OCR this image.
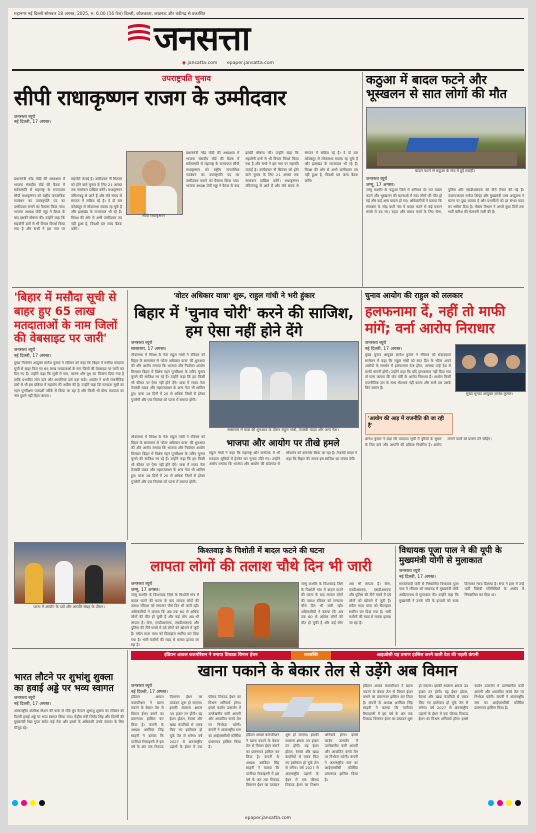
महानगर नई दिल्ली सोमवार 18 अगस्त, 2025, रु. 6.00 (16 पेज) दिल्ली, कोलकाता, लखनऊ और चंडीगढ़ से प्रकाशित
जनसत्ता
◉ jansatta.com epaper.jansatta.com
उपराष्ट्रपति चुनाव
सीपी राधाकृष्णन राजग के उम्मीदवार
जनसत्ता ब्यूरो
नई दिल्ली, 17 अगस्त।
सीपी राधाकृष्णन
प्रधानमंत्री नरेंद्र मोदी की अध्यक्षता में भाजपा संसदीय बोर्ड की बैठक में सर्वसम्मति से महाराष्ट्र के राज्यपाल सीपी राधाकृष्णन को राष्ट्रीय जनतांत्रिक गठबंधन का उपराष्ट्रपति पद का उम्मीदवार बनाने का फैसला किया गया। भाजपा अध्यक्ष जेपी नड्डा ने बैठक के बाद इसकी घोषणा की। उन्होंने कहा कि सहयोगी दलों से भी विचार विमर्श किया गया है और सभी ने इस नाम पर सहमति जताई है। उम्मीदवार नौ सितंबर को होने वाले चुनाव के लिए 21 अगस्त तक नामांकन दाखिल करेंगे। राधाकृष्णन तमिलनाडु से आते हैं और लंबे समय से संगठन में सक्रिय रहे हैं। वे दो बार कोयंबटूर से लोकसभा सदस्य रह चुके हैं और झारखंड के राज्यपाल भी रहे हैं। विपक्ष की ओर से अभी उम्मीदवार तय नहीं हुआ है, विपक्षी दल जल्द बैठक करेंगे।
प्रधानमंत्री नरेंद्र मोदी की अध्यक्षता में भाजपा संसदीय बोर्ड की बैठक में सर्वसम्मति से महाराष्ट्र के राज्यपाल सीपी राधाकृष्णन को राष्ट्रीय जनतांत्रिक गठबंधन का उपराष्ट्रपति पद का उम्मीदवार बनाने का फैसला किया गया। भाजपा अध्यक्ष जेपी नड्डा ने बैठक के बाद इसकी घोषणा की। उन्होंने कहा कि सहयोगी दलों से भी विचार विमर्श किया गया है और सभी ने इस नाम पर सहमति जताई है। उम्मीदवार नौ सितंबर को होने वाले चुनाव के लिए 21 अगस्त तक नामांकन दाखिल करेंगे। राधाकृष्णन तमिलनाडु से आते हैं और लंबे समय से संगठन में सक्रिय रहे हैं। वे दो बार कोयंबटूर से लोकसभा सदस्य रह चुके हैं और झारखंड के राज्यपाल भी रहे हैं। विपक्ष की ओर से अभी उम्मीदवार तय नहीं हुआ है, विपक्षी दल जल्द बैठक करेंगे।
कठुआ में बादल फटने और भूस्खलन से सात लोगों की मौत
बादल फटने से कठुआ के गांव में हुई तबाही।
जनसत्ता ब्यूरो
जम्मू, 17 अगस्त।
जम्मू कश्मीर के कठुआ जिले में शनिवार देर रात बादल फटने और भूस्खलन की घटनाओं में सात लोगों की मौत हो गई और कई अन्य घायल हो गए। अधिकारियों ने बताया कि राजबाग के जोड़ घाटी गांव में बादल फटने से कई मकान मलबे में दब गए। राहत और बचाव कार्य के लिए सेना, पुलिस और एसडीआरएफ की टीमें तैनात की गई हैं। उपराज्यपाल मनोज सिन्हा और मुख्यमंत्री उमर अब्दुल्ला ने घटना पर दुख जताया है और प्रभावितों को हर संभव मदद का भरोसा दिया है। मौसम विभाग ने अगले कुछ दिनों तक भारी बारिश की चेतावनी जारी की है।
'बिहार में मसौदा सूची से बाहर हुए 65 लाख मतदाताओं के नाम जिलों की वेबसाइट पर जारी'
जनसत्ता ब्यूरो
नई दिल्ली, 17 अगस्त।
मुख्य निर्वाचन आयुक्त ज्ञानेश कुमार ने रविवार को कहा कि बिहार में मसौदा मतदाता सूची से बाहर किए गए 65 लाख मतदाताओं के नाम जिलों की वेबसाइट पर जारी कर दिए गए हैं। उन्होंने कहा कि सूची में नाम, कारण और बूथ का विवरण दिया गया है ताकि प्रभावित लोग दावे और आपत्तियां दर्ज करा सकें। आयोग ने सभी राजनीतिक दलों से भी इस प्रक्रिया में सहयोग की अपील की है। उन्होंने कहा कि मतदाता सूची का गहन पुनरीक्षण पारदर्शी तरीके से किया जा रहा है और किसी भी योग्य मतदाता का नाम छूटने नहीं दिया जाएगा।
'वोटर अधिकार यात्रा' शुरू, राहुल गांधी ने भरी हुंकार
बिहार में 'चुनाव चोरी' करने की साजिश, हम ऐसा नहीं होने देंगे
जनसत्ता ब्यूरो
सासाराम, 17 अगस्त।
लोकसभा में विपक्ष के नेता राहुल गांधी ने रविवार को बिहार के सासाराम से 'वोटर अधिकार यात्रा' की शुरुआत की और आरोप लगाया कि भाजपा और निर्वाचन आयोग मिलकर बिहार में विशेष गहन पुनरीक्षण के जरिए चुनाव चुराने की साजिश रच रहे हैं। उन्होंने कहा कि हम किसी भी कीमत पर ऐसा नहीं होने देंगे। यात्रा में राजद नेता तेजस्वी यादव और महागठबंधन के अन्य नेता भी शामिल हुए। यात्रा 16 दिनों में 20 से अधिक जिलों से होकर गुजरेगी और एक सितंबर को पटना में समाप्त होगी।
सासाराम में यात्रा की शुरुआत के दौरान राहुल गांधी, तेजस्वी यादव और अन्य नेता।
लोकसभा में विपक्ष के नेता राहुल गांधी ने रविवार को बिहार के सासाराम से 'वोटर अधिकार यात्रा' की शुरुआत की और आरोप लगाया कि भाजपा और निर्वाचन आयोग मिलकर बिहार में विशेष गहन पुनरीक्षण के जरिए चुनाव चुराने की साजिश रच रहे हैं। उन्होंने कहा कि हम किसी भी कीमत पर ऐसा नहीं होने देंगे। यात्रा में राजद नेता तेजस्वी यादव और महागठबंधन के अन्य नेता भी शामिल हुए। यात्रा 16 दिनों में 20 से अधिक जिलों से होकर गुजरेगी और एक सितंबर को पटना में समाप्त होगी।
भाजपा और आयोग पर तीखे हमले
राहुल गांधी ने कहा कि महाराष्ट्र और कर्नाटक में भी मतदाता सूचियों में हेरफेर कर चुनाव जीते गए। उन्होंने आरोप लगाया कि भाजपा और आयोग की सांठगांठ से लोकतंत्र को कमजोर किया जा रहा है। तेजस्वी यादव ने कहा कि बिहार की जनता इस साजिश का जवाब देगी।
चुनाव आयोग की राहुल को ललकार
हलफनामा दें, नहीं तो माफी मांगें; वर्ना आरोप निराधार
जनसत्ता ब्यूरो
नई दिल्ली, 17 अगस्त।
मुख्य चुनाव आयुक्त ज्ञानेश कुमार ने रविवार को संवाददाता सम्मेलन में कहा कि राहुल गांधी को सात दिन के भीतर अपने आरोपों के समर्थन में हलफनामा देना होगा, अन्यथा उन्हें देश से माफी मांगनी होगी। उन्होंने कहा कि यदि हलफनामा नहीं दिया गया तो माना जाएगा कि वोट चोरी के आरोप निराधार हैं। आयोग किसी राजनीतिक दल के साथ भेदभाव नहीं करता और सभी दल उसके लिए समान हैं।
मुख्य चुनाव आयुक्त ज्ञानेश कुमार।
'आयोग की आड़ में राजनीति की जा रही है'
ज्ञानेश कुमार ने कहा कि मतदाता सूची में त्रुटियों के सुधार के लिए दावे और आपत्ति की प्रक्रिया निर्धारित है। आरोप लगाने वालों को प्रमाण देने चाहिए।
पटना में आयोग के दावे और आपत्ति संग्रह के दौरान।
किश्तवाड़ के चिशोती में बादल फटने की घटना
लापता लोगों की तलाश चौथे दिन भी जारी
जनसत्ता ब्यूरो
जम्मू, 17 अगस्त।
जम्मू कश्मीर के किश्तवाड़ जिले के चिशोती गांव में बादल फटने की घटना के बाद लापता लोगों की तलाश रविवार को लगातार चौथे दिन भी जारी रही। अधिकारियों ने बताया कि अब तक 60 से अधिक लोगों की मौत हो चुकी है और कई लोग अब भी लापता हैं। सेना, एनडीआरएफ, एसडीआरएफ और पुलिस की टीमें मलबे में दबे लोगों को खोजने में जुटी हैं। मचैल माता यात्रा को फिलहाल स्थगित कर दिया गया है। भारी मशीनों की मदद से मलबा हटाया जा रहा है।
जम्मू कश्मीर के किश्तवाड़ जिले के चिशोती गांव में बादल फटने की घटना के बाद लापता लोगों की तलाश रविवार को लगातार चौथे दिन भी जारी रही। अधिकारियों ने बताया कि अब तक 60 से अधिक लोगों की मौत हो चुकी है और कई लोग अब भी लापता हैं। सेना, एनडीआरएफ, एसडीआरएफ और पुलिस की टीमें मलबे में दबे लोगों को खोजने में जुटी हैं। मचैल माता यात्रा को फिलहाल स्थगित कर दिया गया है। भारी मशीनों की मदद से मलबा हटाया जा रहा है।
विधायक पूजा पाल ने की यूपी के मुख्यमंत्री योगी से मुलाकात
जनसत्ता ब्यूरो
नई दिल्ली, 17 अगस्त।
समाजवादी पार्टी से निष्कासित विधायक पूजा पाल ने रविवार को लखनऊ में मुख्यमंत्री योगी आदित्यनाथ से मुलाकात की। उन्होंने कहा कि मुख्यमंत्री ने उनके पति के हत्यारों को सजा दिलाकर न्याय दिलाया है। सपा ने हाल में उन्हें पार्टी विरोधी गतिविधियों के आरोप में निष्कासित कर दिया था।
भारत लौटने पर शुभांशु शुक्ला का हवाई अड्डे पर भव्य स्वागत
जनसत्ता ब्यूरो
नई दिल्ली, 17 अगस्त।
अंतरराष्ट्रीय अंतरिक्ष स्टेशन की यात्रा से लौटे ग्रुप कैप्टन शुभांशु शुक्ला का रविवार को दिल्ली हवाई अड्डे पर भव्य स्वागत किया गया। केंद्रीय मंत्री जितेंद्र सिंह और दिल्ली की मुख्यमंत्री रेखा गुप्ता समेत कई नेता और इसरो के अधिकारी उनके स्वागत के लिए मौजूद रहे।
इंडियन आयल कारपोरेशन ने बनाया टिकाऊ विमान ईंधन	उपलब्धि	आइओसी यह प्रमाण हासिल करने वाली देश की पहली कंपनी
खाना पकाने के बेकार तेल से उड़ेंगे अब विमान
जनसत्ता ब्यूरो
नई दिल्ली, 17 अगस्त।
इंडियन आयल कारपोरेशन ने खाना पकाने के बेकार तेल से विमान ईंधन बनाने का प्रमाणपत्र हासिल कर लिया है। कंपनी के अध्यक्ष अरविंदर सिंह साहनी ने बताया कि पानीपत रिफाइनरी में इस वर्ष के अंत तक टिकाऊ विमानन ईंधन का उत्पादन शुरू हो जाएगा। इसकी सालाना क्षमता 35 हजार टन होगी। यह ईंधन होटल, रेस्तरां और खाद्य कंपनियों से एकत्र किए गए इस्तेमाल हो चुके तेल से बनेगा। वर्ष 2027 से अंतरराष्ट्रीय उड़ानों के ईंधन में एक फीसद टिकाऊ ईंधन का मिश्रण अनिवार्य होगा। इससे कार्बन उत्सर्जन में उल्लेखनीय कमी आएगी और आयातित कच्चे तेल पर निर्भरता घटेगी। कंपनी ने अंतरराष्ट्रीय स्तर का आईएससीसी कोर्सिया प्रमाणपत्र हासिल किया है।
इंडियन आयल कारपोरेशन ने खाना पकाने के बेकार तेल से विमान ईंधन बनाने का प्रमाणपत्र हासिल कर लिया है। कंपनी के अध्यक्ष अरविंदर सिंह साहनी ने बताया कि पानीपत रिफाइनरी में इस वर्ष के अंत तक टिकाऊ विमानन ईंधन का उत्पादन शुरू हो जाएगा। इसकी सालाना क्षमता 35 हजार टन होगी। यह ईंधन होटल, रेस्तरां और खाद्य कंपनियों से एकत्र किए गए इस्तेमाल हो चुके तेल से बनेगा। वर्ष 2027 से अंतरराष्ट्रीय उड़ानों के ईंधन में एक फीसद टिकाऊ ईंधन का मिश्रण अनिवार्य होगा। इससे कार्बन उत्सर्जन में उल्लेखनीय कमी आएगी और आयातित कच्चे तेल पर निर्भरता घटेगी। कंपनी ने अंतरराष्ट्रीय स्तर का आईएससीसी कोर्सिया प्रमाणपत्र हासिल किया है।
इंडियन आयल कारपोरेशन ने खाना पकाने के बेकार तेल से विमान ईंधन बनाने का प्रमाणपत्र हासिल कर लिया है। कंपनी के अध्यक्ष अरविंदर सिंह साहनी ने बताया कि पानीपत रिफाइनरी में इस वर्ष के अंत तक टिकाऊ विमानन ईंधन का उत्पादन शुरू हो जाएगा। इसकी सालाना क्षमता 35 हजार टन होगी। यह ईंधन होटल, रेस्तरां और खाद्य कंपनियों से एकत्र किए गए इस्तेमाल हो चुके तेल से बनेगा। वर्ष 2027 से अंतरराष्ट्रीय उड़ानों के ईंधन में एक फीसद टिकाऊ ईंधन का मिश्रण अनिवार्य होगा। इससे कार्बन उत्सर्जन में उल्लेखनीय कमी आएगी और आयातित कच्चे तेल पर निर्भरता घटेगी। कंपनी ने अंतरराष्ट्रीय स्तर का आईएससीसी कोर्सिया प्रमाणपत्र हासिल किया है।
epaper.jansatta.com
